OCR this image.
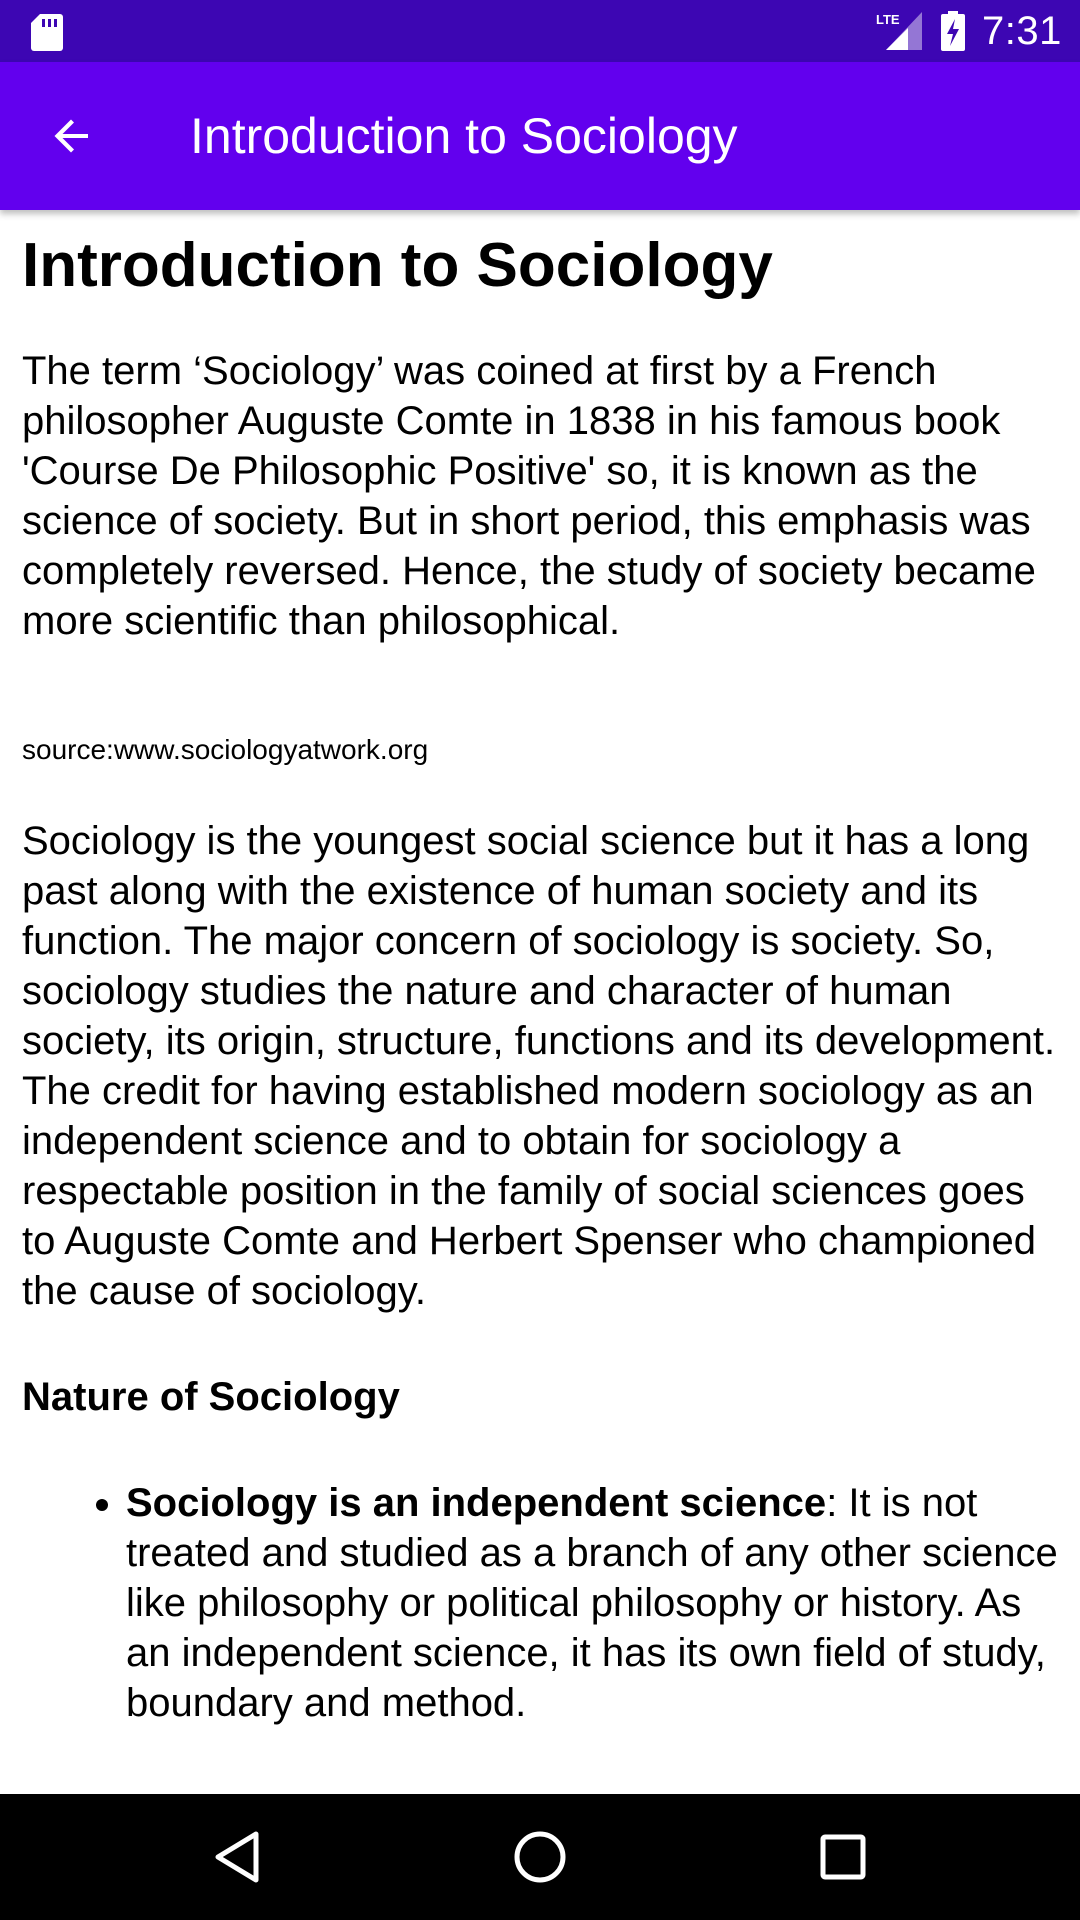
LTE 7:31
Introduction to Sociology
Introduction to Sociology

The term ‘Sociology’ was coined at first by a French philosopher Auguste Comte in 1838 in his famous book 'Course De Philosophic Positive' so, it is known as the science of society. But in short period, this emphasis was completely reversed. Hence, the study of society became more scientific than philosophical.

source:www.sociologyatwork.org

Sociology is the youngest social science but it has a long past along with the existence of human society and its function. The major concern of sociology is society. So, sociology studies the nature and character of human society, its origin, structure, functions and its development. The credit for having established modern sociology as an independent science and to obtain for sociology a respectable position in the family of social sciences goes to Auguste Comte and Herbert Spenser who championed the cause of sociology.

Nature of Sociology
• Sociology is an independent science: It is not treated and studied as a branch of any other science like philosophy or political philosophy or history. As an independent science, it has its own field of study, boundary and method.
